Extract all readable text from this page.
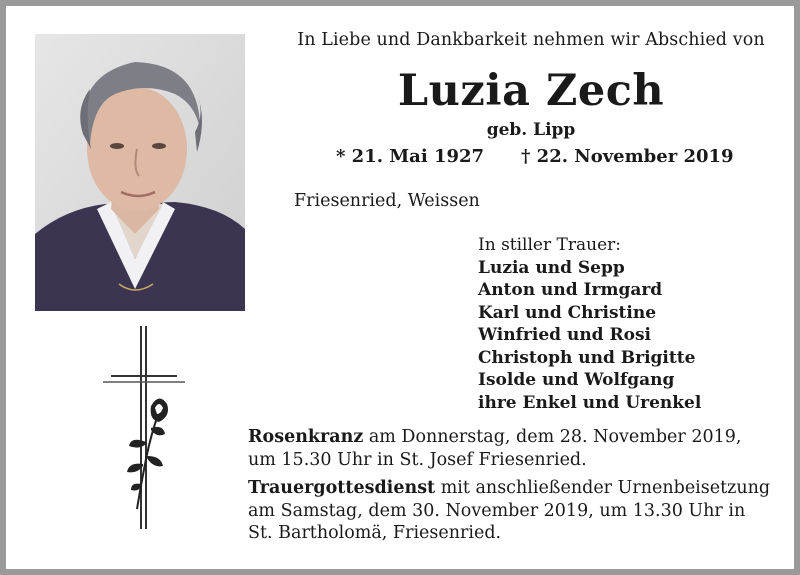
In Liebe und Dankbarkeit nehmen wir Abschied von
Luzia Zech
geb. Lipp
* 21. Mai 1927 † 22. November 2019
Friesenried, Weissen
In stiller Trauer:
Luzia und Sepp
Anton und Irmgard
Karl und Christine
Winfried und Rosi
Christoph und Brigitte
Isolde und Wolfgang
ihre Enkel und Urenkel

Rosenkranz am Donnerstag, dem 28. November 2019,
um 15.30 Uhr in St. Josef Friesenried.

Trauergottesdienst mit anschließender Urnenbeisetzung
am Samstag, dem 30. November 2019, um 13.30 Uhr in
St. Bartholomä, Friesenried.
